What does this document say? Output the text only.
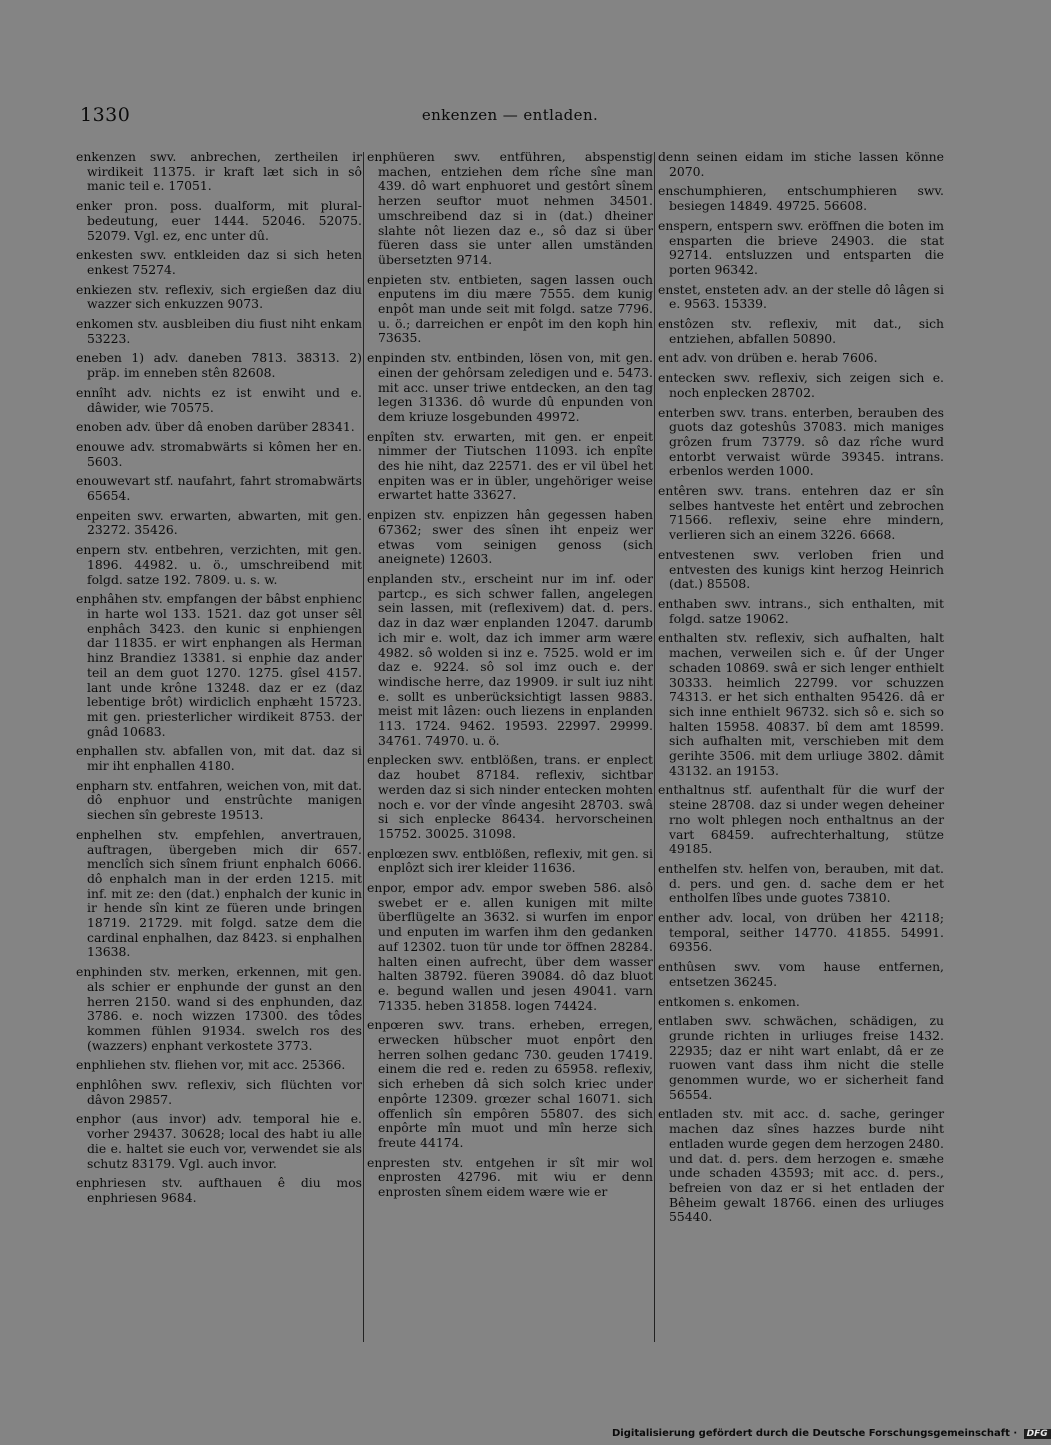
1330	enkenzen — entladen.

enkenzen swv. anbrechen, zertheilen ir wirdikeit 11375. ir kraft læt sich in sô manic teil e. 17051.

enker pron. poss. dualform, mit plural-bedeutung, euer 1444. 52046. 52075. 52079. Vgl. ez, enc unter dû.

enkesten swv. entkleiden daz si sich heten enkest 75274.

enkiezen stv. reflexiv, sich ergießen daz diu wazzer sich enkuzzen 9073.

enkomen stv. ausbleiben diu fiust niht enkam 53223.

eneben 1) adv. daneben 7813. 38313. 2) präp. im enneben stên 82608.

ennîht adv. nichts ez ist enwiht und e. dâwider, wie 70575.

enoben adv. über dâ enoben darüber 28341.

enouwe adv. stromabwärts si kômen her en. 5603.

enouwevart stf. naufahrt, fahrt stromabwärts 65654.

enpeiten swv. erwarten, abwarten, mit gen. 23272. 35426.

enpern stv. entbehren, verzichten, mit gen. 1896. 44982. u. ö., umschreibend mit folgd. satze 192. 7809. u. s. w.

enphâhen stv. empfangen der bâbst enphienc in harte wol 133. 1521. daz got unser sêl enphâch 3423. den kunic si enphiengen dar 11835. er wirt enphangen als Herman hinz Brandiez 13381. si enphie daz ander teil an dem guot 1270. 1275. gîsel 4157. lant unde krône 13248. daz er ez (daz lebentige brôt) wirdiclich enphæht 15723. mit gen. priesterlicher wirdikeit 8753. der gnâd 10683.

enphallen stv. abfallen von, mit dat. daz si mir iht enphallen 4180.

enpharn stv. entfahren, weichen von, mit dat. dô enphuor und enstrûchte manigen siechen sîn gebreste 19513.

enphelhen stv. empfehlen, anvertrauen, auftragen, übergeben mich dir 657. menclîch sich sînem friunt enphalch 6066. dô enphalch man in der erden 1215. mit inf. mit ze: den (dat.) enphalch der kunic in ir hende sîn kint ze füeren unde bringen 18719. 21729. mit folgd. satze dem die cardinal enphalhen, daz 8423. si enphalhen 13638.

enphinden stv. merken, erkennen, mit gen. als schier er enphunde der gunst an den herren 2150. wand si des enphunden, daz 3786. e. noch wizzen 17300. des tôdes kommen fühlen 91934. swelch ros des (wazzers) enphant verkostete 3773.

enphliehen stv. fliehen vor, mit acc. 25366.

enphlôhen swv. reflexiv, sich flüchten vor dâvon 29857.

enphor (aus invor) adv. temporal hie e. vorher 29437. 30628; local des habt iu alle die e. haltet sie euch vor, verwendet sie als schutz 83179. Vgl. auch invor.

enphriesen stv. aufthauen ê diu mos enphriesen 9684.

enphüeren swv. entführen, abspenstig machen, entziehen dem rîche sîne man 439. dô wart enphuoret und gestôrt sînem herzen seuftor muot nehmen 34501. umschreibend daz si in (dat.) dheiner slahte nôt liezen daz e., sô daz si über füeren dass sie unter allen umständen übersetzten 9714.

enpieten stv. entbieten, sagen lassen ouch enputens im diu mære 7555. dem kunig enpôt man unde seit mit folgd. satze 7796. u. ö.; darreichen er enpôt im den koph hin 73635.

enpinden stv. entbinden, lösen von, mit gen. einen der gehôrsam zeledigen und e. 5473. mit acc. unser triwe entdecken, an den tag legen 31336. dô wurde dû enpunden von dem kriuze losgebunden 49972.

enpîten stv. erwarten, mit gen. er enpeit nimmer der Tiutschen 11093. ich enpîte des hie niht, daz 22571. des er vil übel het enpiten was er in übler, ungehöriger weise erwartet hatte 33627.

enpizen stv. enpizzen hân gegessen haben 67362; swer des sînen iht enpeiz wer etwas vom seinigen genoss (sich aneignete) 12603.

enplanden stv., erscheint nur im inf. oder partcp., es sich schwer fallen, angelegen sein lassen, mit (reflexivem) dat. d. pers. daz in daz wær enplanden 12047. darumb ich mir e. wolt, daz ich immer arm wære 4982. sô wolden si inz e. 7525. wold er im daz e. 9224. sô sol imz ouch e. der windische herre, daz 19909. ir sult iuz niht e. sollt es unberücksichtigt lassen 9883. meist mit lâzen: ouch liezens in enplanden 113. 1724. 9462. 19593. 22997. 29999. 34761. 74970. u. ö.

enplecken swv. entblößen, trans. er enplect daz houbet 87184. reflexiv, sichtbar werden daz si sich ninder entecken mohten noch e. vor der vînde angesiht 28703. swâ si sich enplecke 86434. hervorscheinen 15752. 30025. 31098.

enplœzen swv. entblößen, reflexiv, mit gen. si enplôzt sich irer kleider 11636.

enpor, empor adv. empor sweben 586. alsô swebet er e. allen kunigen mit milte überflügelte an 3632. si wurfen im enpor und enputen im warfen ihm den gedanken auf 12302. tuon tür unde tor öffnen 28284. halten einen aufrecht, über dem wasser halten 38792. füeren 39084. dô daz bluot e. begund wallen und jesen 49041. varn 71335. heben 31858. logen 74424.

enpœren swv. trans. erheben, erregen, erwecken hübscher muot enpôrt den herren solhen gedanc 730. geuden 17419. einem die red e. reden zu 65958. reflexiv, sich erheben dâ sich solch kriec under enpôrte 12309. grœzer schal 16071. sich offenlich sîn empôren 55807. des sich enpôrte mîn muot und mîn herze sich freute 44174.

enpresten stv. entgehen ir sît mir wol enprosten 42796. mit wiu er denn enprosten sînem eidem wære wie er

denn seinen eidam im stiche lassen könne 2070.

enschumphieren, entschumphieren swv. besiegen 14849. 49725. 56608.

enspern, entspern swv. eröffnen die boten im ensparten die brieve 24903. die stat 92714. entsluzzen und entsparten die porten 96342.

enstet, ensteten adv. an der stelle dô lâgen si e. 9563. 15339.

enstôzen stv. reflexiv, mit dat., sich entziehen, abfallen 50890.

ent adv. von drüben e. herab 7606.

entecken swv. reflexiv, sich zeigen sich e. noch enplecken 28702.

enterben swv. trans. enterben, berauben des guots daz goteshûs 37083. mich maniges grôzen frum 73779. sô daz rîche wurd entorbt verwaist würde 39345. intrans. erbenlos werden 1000.

entêren swv. trans. entehren daz er sîn selbes hantveste het entêrt und zebrochen 71566. reflexiv, seine ehre mindern, verlieren sich an einem 3226. 6668.

entvestenen swv. verloben frien und entvesten des kunigs kint herzog Heinrich (dat.) 85508.

enthaben swv. intrans., sich enthalten, mit folgd. satze 19062.

enthalten stv. reflexiv, sich aufhalten, halt machen, verweilen sich e. ûf der Unger schaden 10869. swâ er sich lenger enthielt 30333. heimlich 22799. vor schuzzen 74313. er het sich enthalten 95426. dâ er sich inne enthielt 96732. sich sô e. sich so halten 15958. 40837. bî dem amt 18599. sich aufhalten mit, verschieben mit dem gerihte 3506. mit dem urliuge 3802. dâmit 43132. an 19153.

enthaltnus stf. aufenthalt für die wurf der steine 28708. daz si under wegen deheiner rno wolt phlegen noch enthaltnus an der vart 68459. aufrechterhaltung, stütze 49185.

enthelfen stv. helfen von, berauben, mit dat. d. pers. und gen. d. sache dem er het entholfen lîbes unde guotes 73810.

enther adv. local, von drüben her 42118; temporal, seither 14770. 41855. 54991. 69356.

enthûsen swv. vom hause entfernen, entsetzen 36245.

entkomen s. enkomen.

entlaben swv. schwächen, schädigen, zu grunde richten in urliuges freise 1432. 22935; daz er niht wart enlabt, dâ er ze ruowen vant dass ihm nicht die stelle genommen wurde, wo er sicherheit fand 56554.

entladen stv. mit acc. d. sache, geringer machen daz sînes hazzes burde niht entladen wurde gegen dem herzogen 2480. und dat. d. pers. dem herzogen e. smæhe unde schaden 43593; mit acc. d. pers., befreien von daz er si het entladen der Bêheim gewalt 18766. einen des urliuges 55440.

Digitalisierung gefördert durch die Deutsche Forschungsgemeinschaft · DFG
